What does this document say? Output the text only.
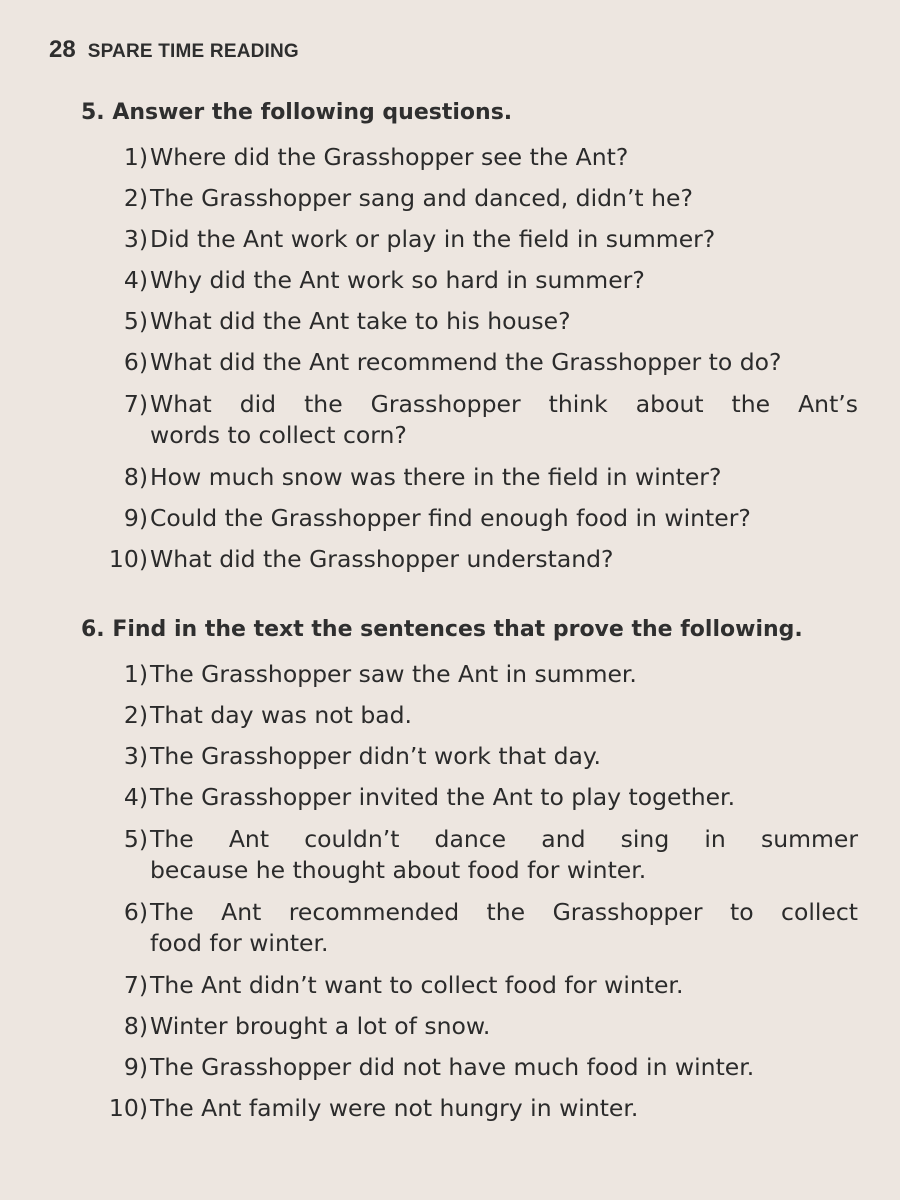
28 SPARE TIME READING
5. Answer the following questions.
1) Where did the Grasshopper see the Ant?
2) The Grasshopper sang and danced, didn’t he?
3) Did the Ant work or play in the field in summer?
4) Why did the Ant work so hard in summer?
5) What did the Ant take to his house?
6) What did the Ant recommend the Grasshopper to do?
7) What did the Grasshopper think about the Ant’s
words to collect corn?
8) How much snow was there in the field in winter?
9) Could the Grasshopper find enough food in winter?
10) What did the Grasshopper understand?
6. Find in the text the sentences that prove the following.
1) The Grasshopper saw the Ant in summer.
2) That day was not bad.
3) The Grasshopper didn’t work that day.
4) The Grasshopper invited the Ant to play together.
5) The Ant couldn’t dance and sing in summer
because he thought about food for winter.
6) The Ant recommended the Grasshopper to collect
food for winter.
7) The Ant didn’t want to collect food for winter.
8) Winter brought a lot of snow.
9) The Grasshopper did not have much food in winter.
10) The Ant family were not hungry in winter.
